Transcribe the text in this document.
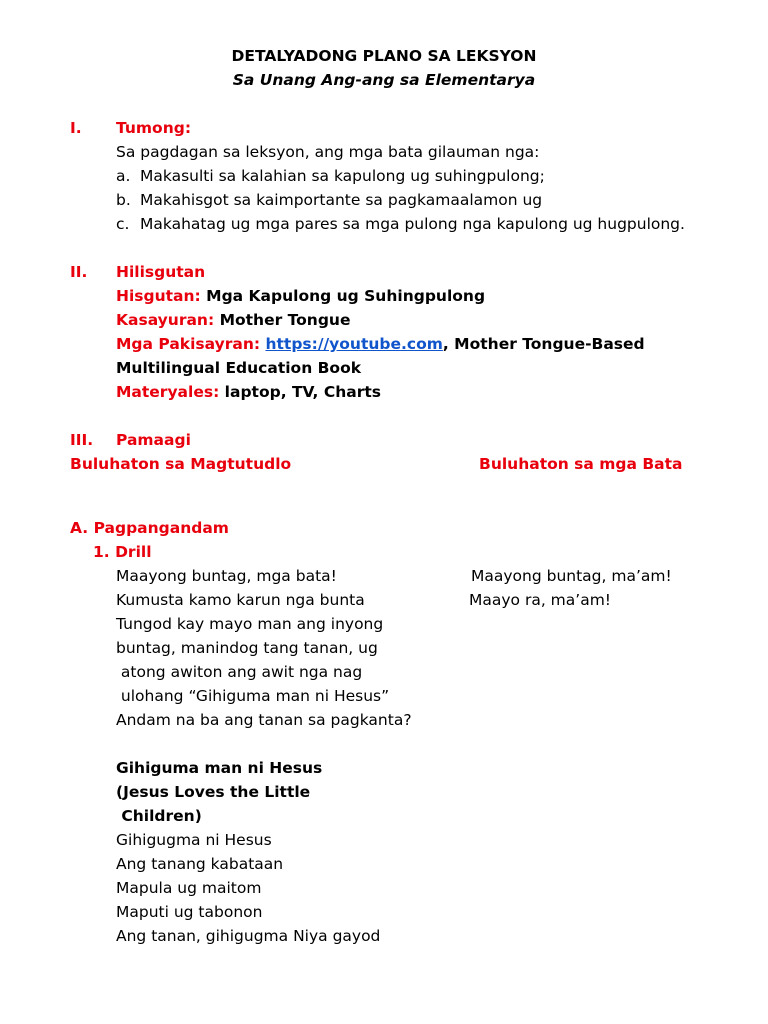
DETALYADONG PLANO SA LEKSYON
Sa Unang Ang-ang sa Elementarya
I. Tumong:
Sa pagdagan sa leksyon, ang mga bata gilauman nga:
a. Makasulti sa kalahian sa kapulong ug suhingpulong;
b. Makahisgot sa kaimportante sa pagkamaalamon ug
c. Makahatag ug mga pares sa mga pulong nga kapulong ug hugpulong.
II. Hilisgutan
Hisgutan: Mga Kapulong ug Suhingpulong
Kasayuran: Mother Tongue
Mga Pakisayran: https://youtube.com, Mother Tongue-Based
Multilingual Education Book
Materyales: laptop, TV, Charts
III. Pamaagi
Buluhaton sa Magtutudlo	Buluhaton sa mga Bata
A. Pagpangandam
1. Drill
Maayong buntag, mga bata!
Kumusta kamo karun nga bunta
Tungod kay mayo man ang inyong
buntag, manindog tang tanan, ug
atong awiton ang awit nga nag
ulohang “Gihiguma man ni Hesus”
Andam na ba ang tanan sa pagkanta?
Maayong buntag, ma’am!
Maayo ra, ma’am!
Gihiguma man ni Hesus
(Jesus Loves the Little
Children)
Gihigugma ni Hesus
Ang tanang kabataan
Mapula ug maitom
Maputi ug tabonon
Ang tanan, gihigugma Niya gayod
